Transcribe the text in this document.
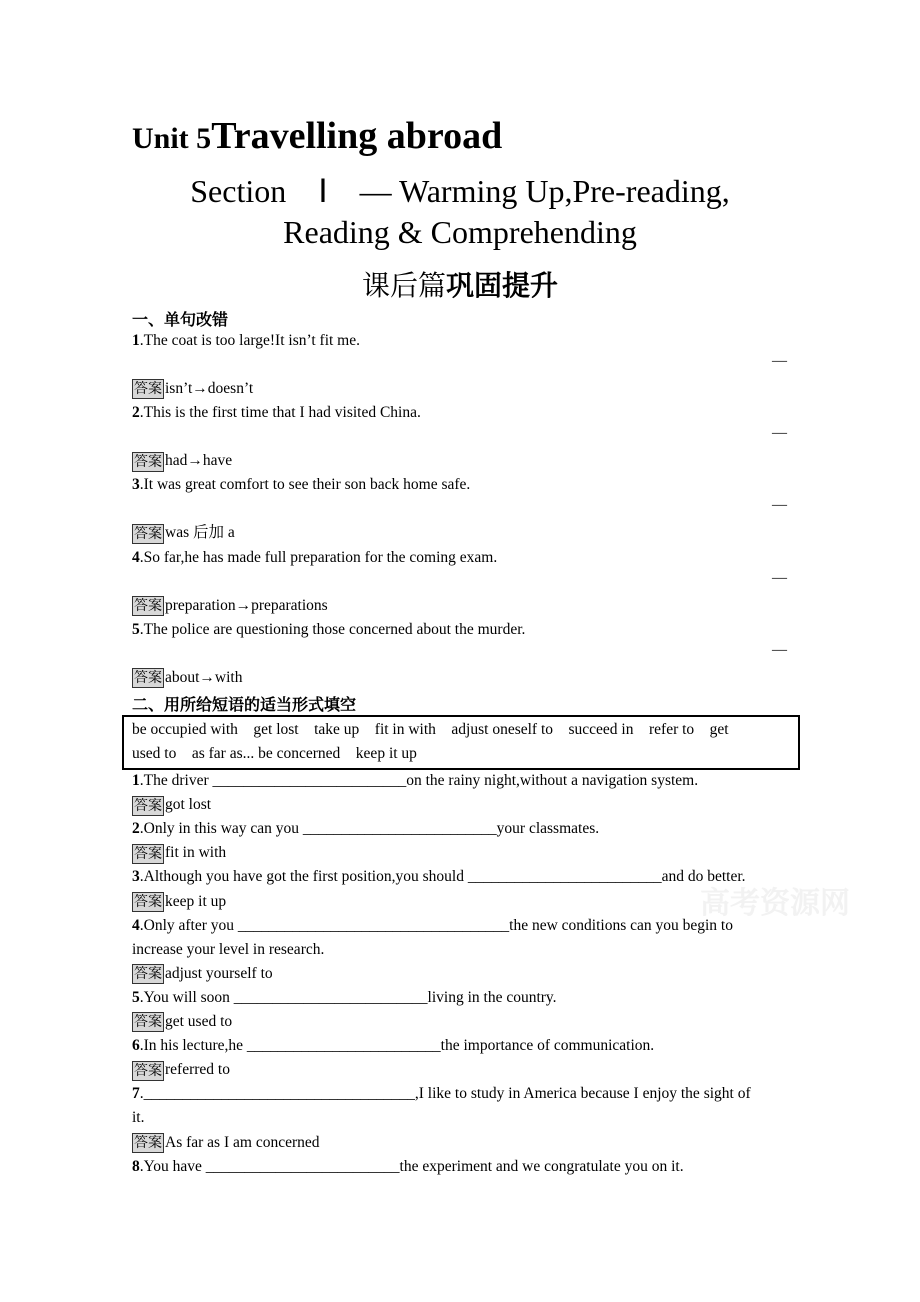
Unit 5Travelling abroad
Section　Ⅰ　— Warming Up,Pre-reading,
Reading & Comprehending
课后篇巩固提升
一、单句改错
1.The coat is too large!It isn’t fit me.
—
答案 isn’t→doesn’t
2.This is the first time that I had visited China.
—
答案 had→have
3.It was great comfort to see their son back home safe.
—
答案 was 后加 a
4.So far,he has made full preparation for the coming exam.
—
答案 preparation→preparations
5.The police are questioning those concerned about the murder.
—
答案 about→with
二、用所给短语的适当形式填空
be occupied with　get lost　take up　fit in with　adjust oneself to　succeed in　refer to　get
used to　as far as... be concerned　keep it up
1.The driver _________________________on the rainy night,without a navigation system.
答案 got lost
2.Only in this way can you _________________________your classmates.
答案 fit in with
3.Although you have got the first position,you should _________________________and do better.
答案 keep it up
4.Only after you ___________________________________the new conditions can you begin to
increase your level in research.
答案 adjust yourself to
5.You will soon _________________________living in the country.
答案 get used to
6.In his lecture,he _________________________the importance of communication.
答案 referred to
7.___________________________________,I like to study in America because I enjoy the sight of
it.
答案 As far as I am concerned
8.You have _________________________the experiment and we congratulate you on it.
高考资源网
